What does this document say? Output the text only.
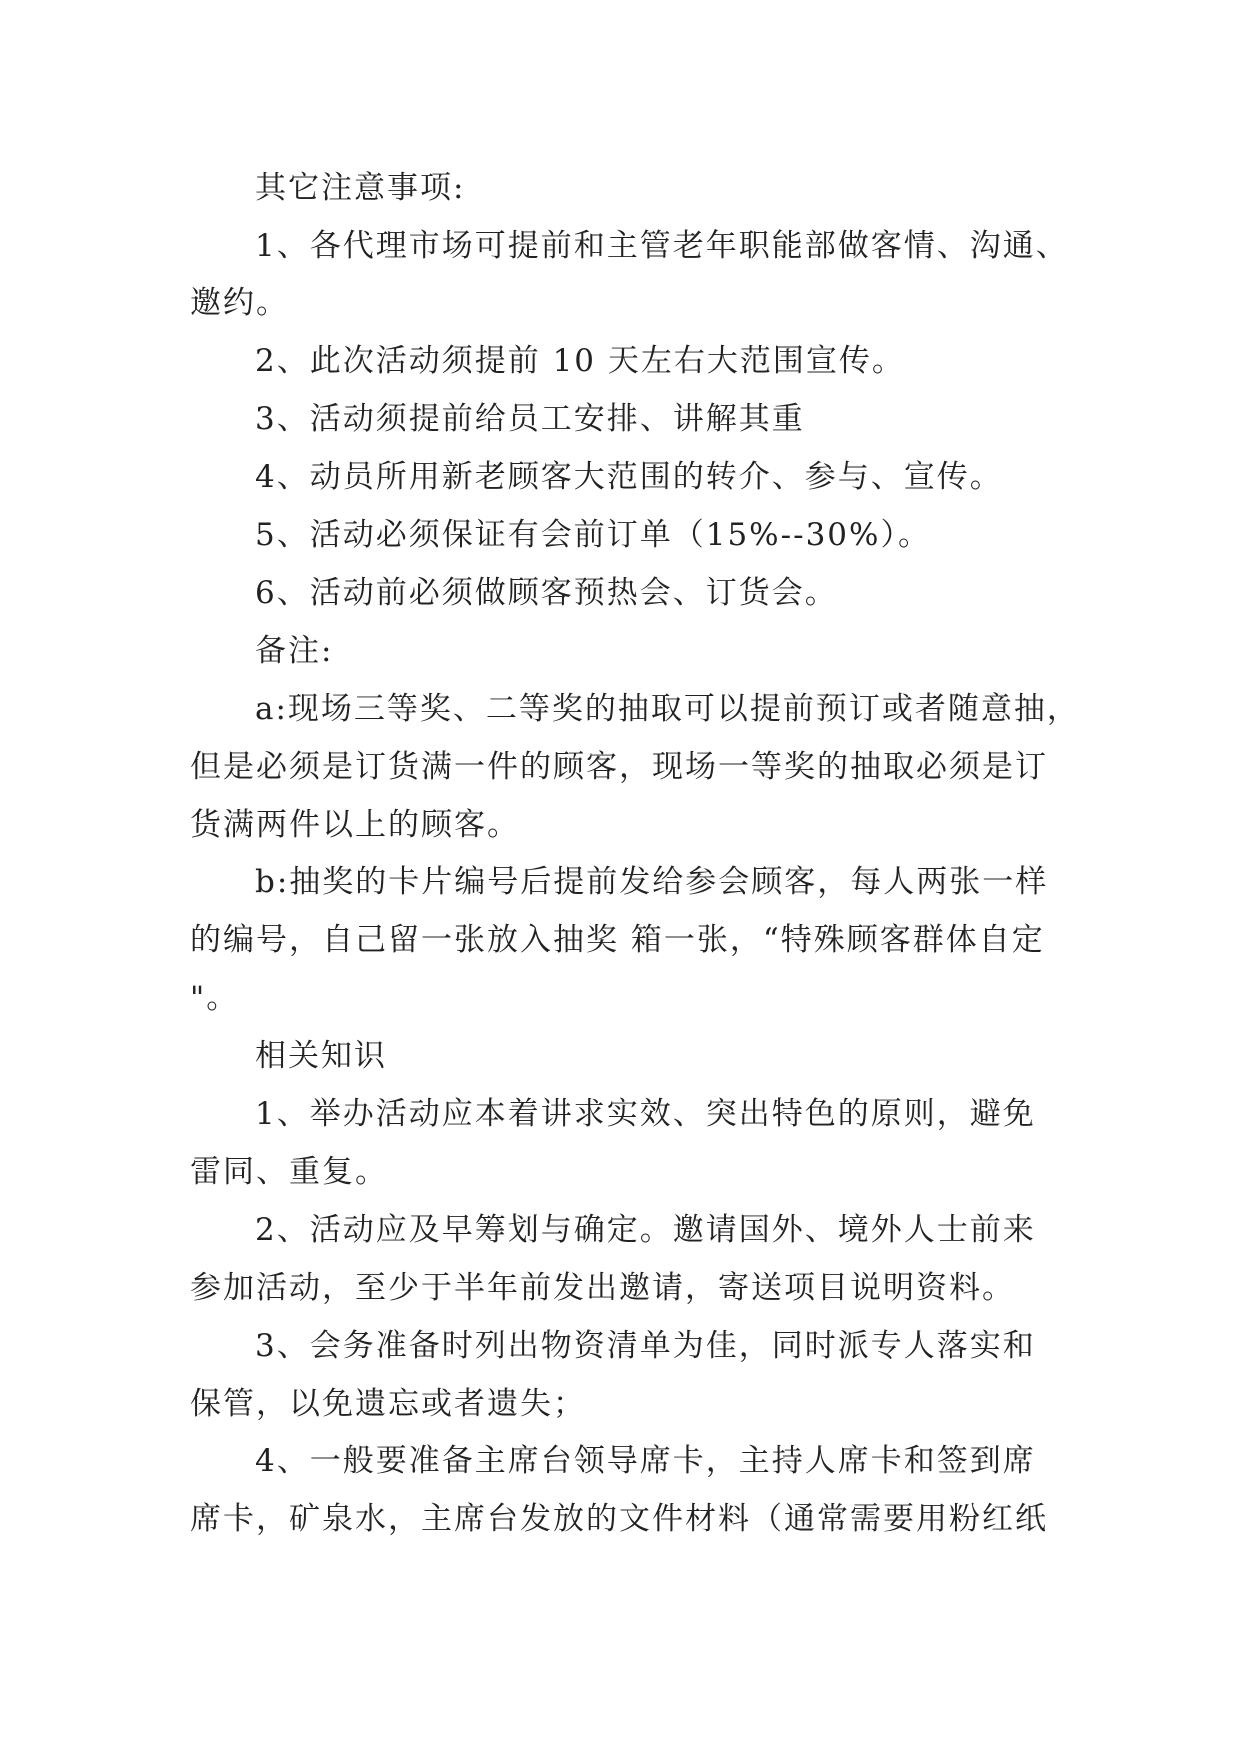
其它注意事项:
1、各代理市场可提前和主管老年职能部做客情、沟通、
邀约。
2、此次活动须提前 10 天左右大范围宣传。
3、活动须提前给员工安排、讲解其重
4、动员所用新老顾客大范围的转介、参与、宣传。
5、活动必须保证有会前订单（15%--30%）。
6、活动前必须做顾客预热会、订货会。
备注:
a:现场三等奖、二等奖的抽取可以提前预订或者随意抽，
但是必须是订货满一件的顾客，现场一等奖的抽取必须是订
货满两件以上的顾客。
b:抽奖的卡片编号后提前发给参会顾客，每人两张一样
的编号，自己留一张放入抽奖 箱一张，“特殊顾客群体自定
"。
相关知识
1、举办活动应本着讲求实效、突出特色的原则，避免
雷同、重复。
2、活动应及早筹划与确定。邀请国外、境外人士前来
参加活动，至少于半年前发出邀请，寄送项目说明资料。
3、会务准备时列出物资清单为佳，同时派专人落实和
保管，以免遗忘或者遗失；
4、一般要准备主席台领导席卡，主持人席卡和签到席
席卡，矿泉水，主席台发放的文件材料（通常需要用粉红纸
